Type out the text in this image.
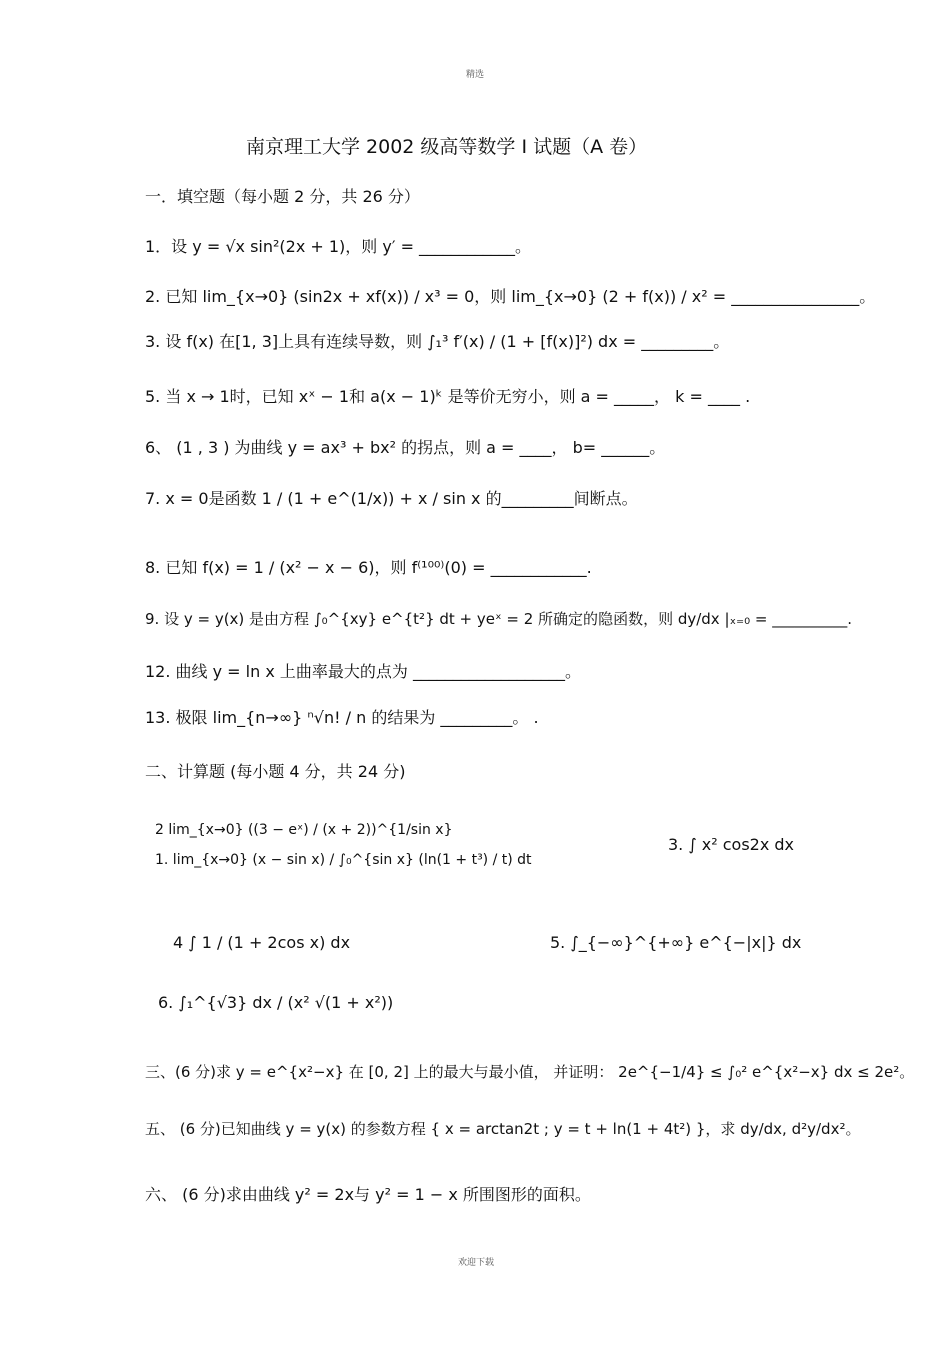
精选
南京理工大学 2002 级高等数学 I 试题（A 卷）
一．填空题（每小题 2 分，共 26 分）
1．设 y = √x sin²(2x + 1)，则 y′ = ____________。
2. 已知 lim_{x→0} (sin2x + xf(x)) / x³ = 0，则 lim_{x→0} (2 + f(x)) / x² = ________________。
3. 设 f(x) 在[1, 3]上具有连续导数，则 ∫₁³ f′(x) / (1 + [f(x)]²) dx = _________。
5. 当 x → 1时，已知 xˣ − 1和 a(x − 1)ᵏ 是等价无穷小，则 a = _____， k = ____ .
6、 (1 , 3 ) 为曲线 y = ax³ + bx² 的拐点，则 a = ____， b= ______。
7. x = 0是函数 1 / (1 + e^(1/x)) + x / sin x 的_________间断点。
8. 已知 f(x) = 1 / (x² − x − 6)，则 f⁽¹⁰⁰⁾(0) = ____________.
9. 设 y = y(x) 是由方程 ∫₀^{xy} e^{t²} dt + yeˣ = 2 所确定的隐函数，则 dy/dx |ₓ₌₀ = __________.
12. 曲线 y = ln x 上曲率最大的点为 ___________________。
13. 极限 lim_{n→∞} ⁿ√n! / n 的结果为 _________。 .
二、计算题 (每小题 4 分，共 24 分)
1. lim_{x→0} (x − sin x) / ∫₀^{sin x} (ln(1 + t³) / t) dt
2 lim_{x→0} ((3 − eˣ) / (x + 2))^{1/sin x}
3. ∫ x² cos2x dx
4 ∫ 1 / (1 + 2cos x) dx	5. ∫_{−∞}^{+∞} e^{−|x|} dx
6. ∫₁^{√3} dx / (x² √(1 + x²))
三、(6 分)求 y = e^{x²−x} 在 [0, 2] 上的最大与最小值， 并证明： 2e^{−1/4} ≤ ∫₀² e^{x²−x} dx ≤ 2e²。
五、 (6 分)已知曲线 y = y(x) 的参数方程 { x = arctan2t ; y = t + ln(1 + 4t²) }，求 dy/dx, d²y/dx²。
六、 (6 分)求由曲线 y² = 2x与 y² = 1 − x 所围图形的面积。
欢迎下载
